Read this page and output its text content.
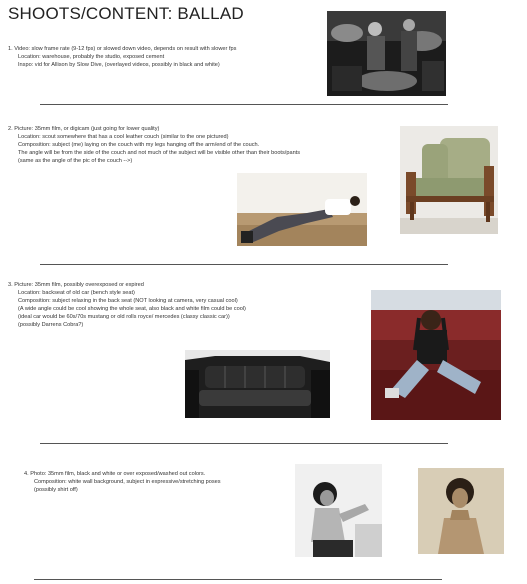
SHOOTS/CONTENT: BALLAD
1. Video: slow frame rate (9-12 fps) or slowed down video, depends on result with slower fps
Location: warehouse, probably the studio, exposed cement
Inspo: vid for Allison by Slow Dive, (overlayed videos, possibly in black and white)
2. Picture: 35mm film, or digicam (just going for lower quality)
Location: scout somewhere that has a cool leather couch (similar to the one pictured)
Composition: subject (me) laying on the couch with my legs hanging off the arm/end of the couch.
The angle will be from the side of the couch and not much of the subject will be visible other than their boots/pants
(same as the angle of the pic of the couch -->)
3. Picture: 35mm film, possibly overexposed or expired
Location: backseat of old car (bench style seat)
Composition: subject relaxing in the back seat (NOT looking at camera, very casual cool)
(A wide angle could be cool showing the whole seat, also black and white film could be cool)
(ideal car would be 60s/70s mustang or old rolls royce/ mercedes (classy classic car))
(possibly Darrens Cobra?)
4. Photo: 35mm film, black and white or over exposed/washed out colors.
Composition: white wall background, subject in expressive/stretching poses
(possibly shirt off)
